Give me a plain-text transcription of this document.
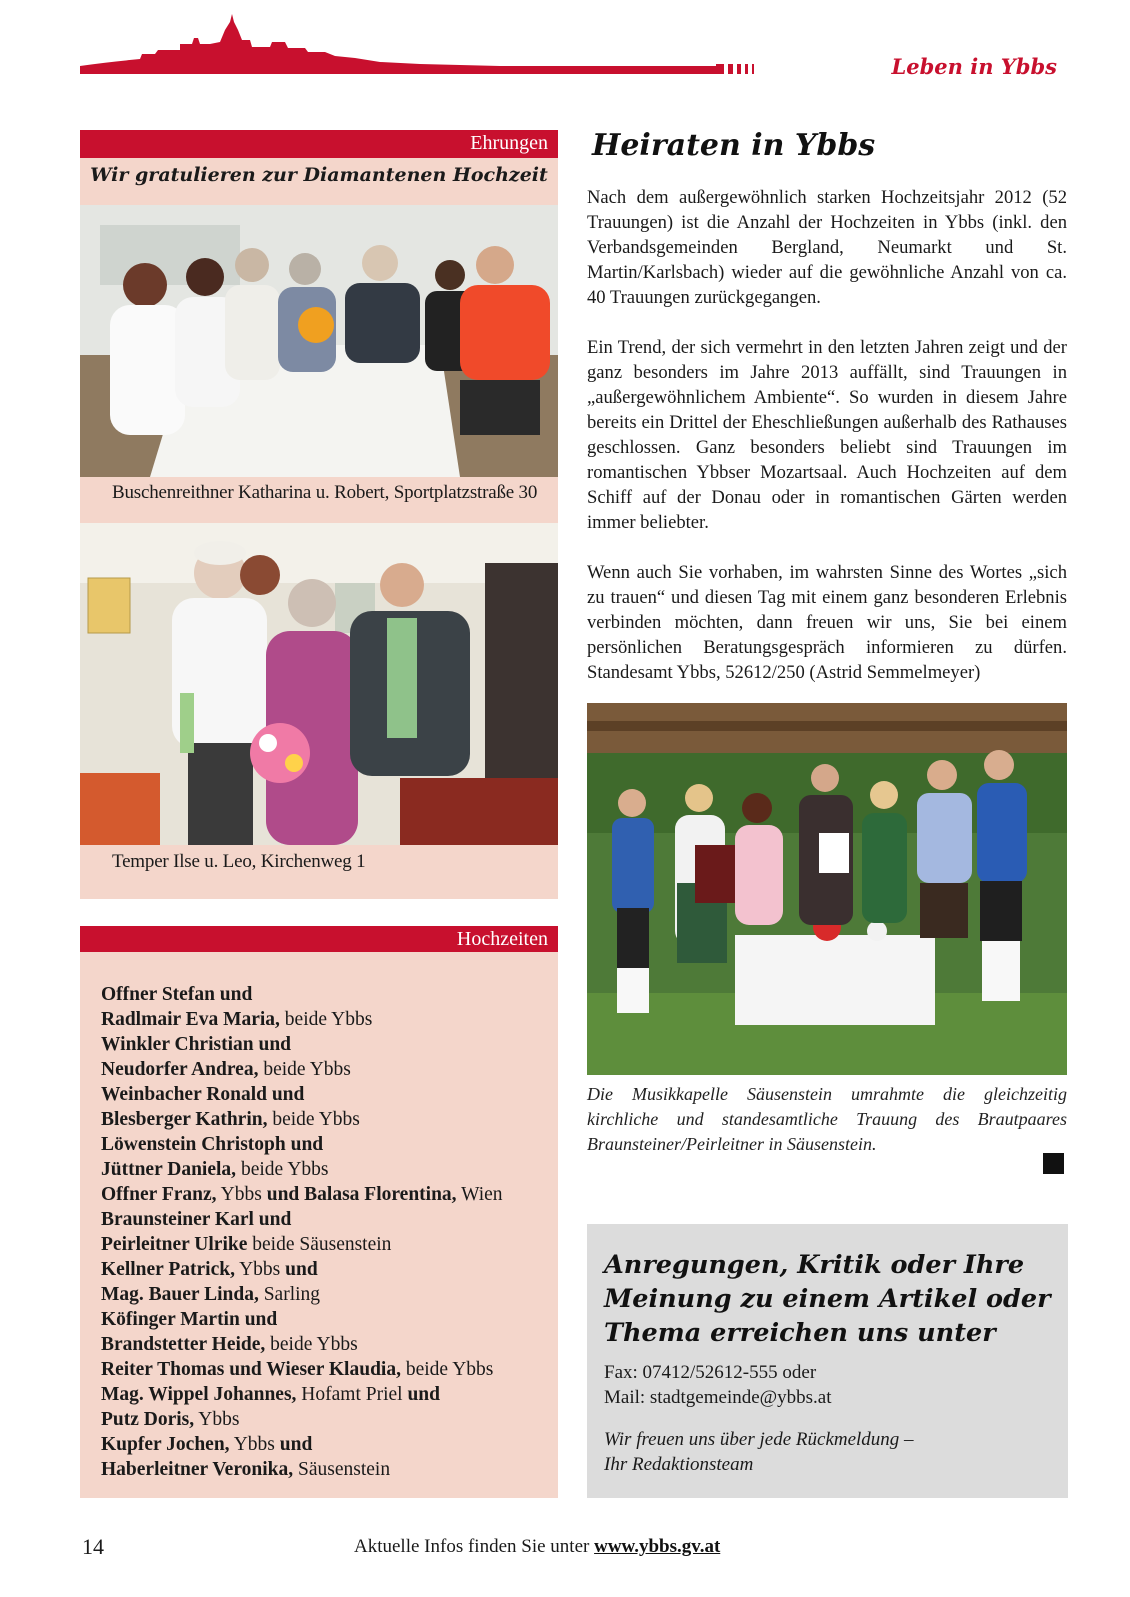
Leben in Ybbs
Ehrungen
Wir gratulieren zur Diamantenen Hochzeit
Buschenreithner Katharina u. Robert, Sportplatzstraße 30
Temper Ilse u. Leo, Kirchenweg 1
Hochzeiten
Offner Stefan und
Radlmair Eva Maria, beide Ybbs
Winkler Christian und
Neudorfer Andrea, beide Ybbs
Weinbacher Ronald und
Blesberger Kathrin, beide Ybbs
Löwenstein Christoph und
Jüttner Daniela, beide Ybbs
Offner Franz, Ybbs und Balasa Florentina, Wien
Braunsteiner Karl und
Peirleitner Ulrike beide Säusenstein
Kellner Patrick, Ybbs und
Mag. Bauer Linda, Sarling
Köfinger Martin und
Brandstetter Heide, beide Ybbs
Reiter Thomas und Wieser Klaudia, beide Ybbs
Mag. Wippel Johannes, Hofamt Priel und
Putz Doris, Ybbs
Kupfer Jochen, Ybbs und
Haberleitner Veronika, Säusenstein
Heiraten in Ybbs

Nach dem außergewöhnlich starken Hochzeitsjahr 2012 (52 Trauungen) ist die Anzahl der Hochzeiten in Ybbs (inkl. den Verbandsgemeinden Bergland, Neumarkt und St. Martin/Karlsbach) wieder auf die gewöhnliche Anzahl von ca. 40 Trauungen zurückgegangen.

Ein Trend, der sich vermehrt in den letzten Jahren zeigt und der ganz besonders im Jahre 2013 auffällt, sind Trauungen in „außergewöhnlichem Ambiente“. So wurden in diesem Jahre bereits ein Drittel der Eheschließungen außerhalb des Rathauses geschlossen. Ganz besonders beliebt sind Trauungen im romantischen Ybbser Mozartsaal. Auch Hochzeiten auf dem Schiff auf der Donau oder in romantischen Gärten werden immer beliebter.

Wenn auch Sie vorhaben, im wahrsten Sinne des Wortes „sich zu trauen“ und diesen Tag mit einem ganz besonderen Erlebnis verbinden möchten, dann freuen wir uns, Sie bei einem persönlichen Beratungsgespräch informieren zu dürfen. Standesamt Ybbs, 52612/250 (Astrid Semmelmeyer)

Die Musikkapelle Säusenstein umrahmte die gleichzeitig kirchliche und standesamtliche Trauung des Brautpaares Braunsteiner/Peirleitner in Säusenstein.
Anregungen, Kritik oder Ihre
Meinung zu einem Artikel oder
Thema erreichen uns unter
Fax: 07412/52612-555 oder
Mail: stadtgemeinde@ybbs.at
Wir freuen uns über jede Rückmeldung –
Ihr Redaktionsteam
14	Aktuelle Infos finden Sie unter www.ybbs.gv.at
